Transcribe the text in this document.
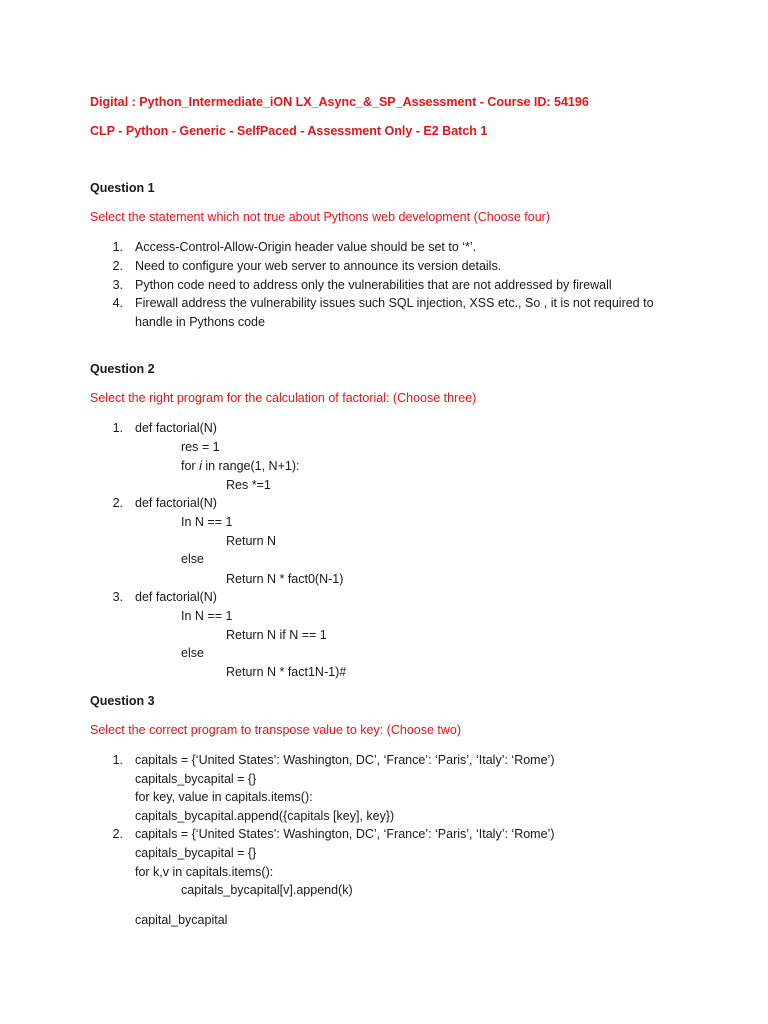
Digital : Python_Intermediate_iON LX_Async_&_SP_Assessment - Course ID: 54196
CLP - Python - Generic - SelfPaced - Assessment Only - E2 Batch 1
Question 1
Select the statement which not true about Pythons web development (Choose four)
1. Access-Control-Allow-Origin header value should be set to ‘*’.
2. Need to configure your web server to announce its version details.
3. Python code need to address only the vulnerabilities that are not addressed by firewall
4. Firewall address the vulnerability issues such SQL injection, XSS etc., So , it is not required to
handle in Pythons code
Question 2
Select the right program for the calculation of factorial: (Choose three)
1. def factorial(N)
res = 1
for i in range(1, N+1):
Res *=1
2. def factorial(N)
In N == 1
Return N
else
Return N * fact0(N-1)
3. def factorial(N)
In N == 1
Return N if N == 1
else
Return N * fact1N-1)#
Question 3
Select the correct program to transpose value to key: (Choose two)
1. capitals = {‘United States’: Washington, DC’, ‘France’: ‘Paris’, ‘Italy’: ‘Rome’)
capitals_bycapital = {}
for key, value in capitals.items():
capitals_bycapital.append({capitals [key], key})
2. capitals = {‘United States’: Washington, DC’, ‘France’: ‘Paris’, ‘Italy’: ‘Rome’)
capitals_bycapital = {}
for k,v in capitals.items():
capitals_bycapital[v].append(k)
capital_bycapital
